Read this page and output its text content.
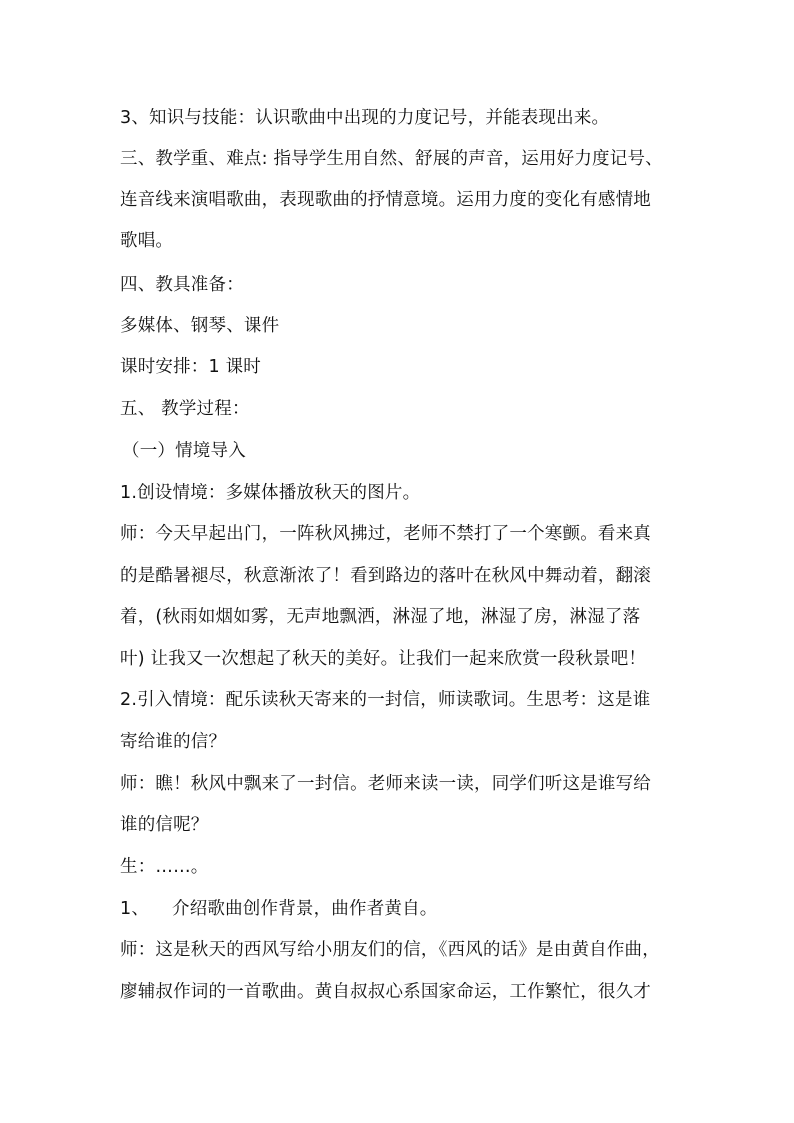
3、知识与技能：认识歌曲中出现的力度记号，并能表现出来。
三、教学重、难点: 指导学生用自然、舒展的声音，运用好力度记号、
连音线来演唱歌曲，表现歌曲的抒情意境。运用力度的变化有感情地
歌唱。
四、教具准备：
多媒体、钢琴、课件
课时安排：1 课时
五、 教学过程：
（一）情境导入
1.创设情境：多媒体播放秋天的图片。
师：今天早起出门，一阵秋风拂过，老师不禁打了一个寒颤。看来真
的是酷暑褪尽，秋意渐浓了！看到路边的落叶在秋风中舞动着，翻滚
着，(秋雨如烟如雾，无声地飘洒，淋湿了地，淋湿了房，淋湿了落
叶) 让我又一次想起了秋天的美好。让我们一起来欣赏一段秋景吧！
2.引入情境：配乐读秋天寄来的一封信，师读歌词。生思考：这是谁
寄给谁的信？
师：瞧！秋风中飘来了一封信。老师来读一读，同学们听这是谁写给
谁的信呢？
生：……。
1、 介绍歌曲创作背景，曲作者黄自。
师：这是秋天的西风写给小朋友们的信，《西风的话》是由黄自作曲，
廖辅叔作词的一首歌曲。黄自叔叔心系国家命运，工作繁忙，很久才
